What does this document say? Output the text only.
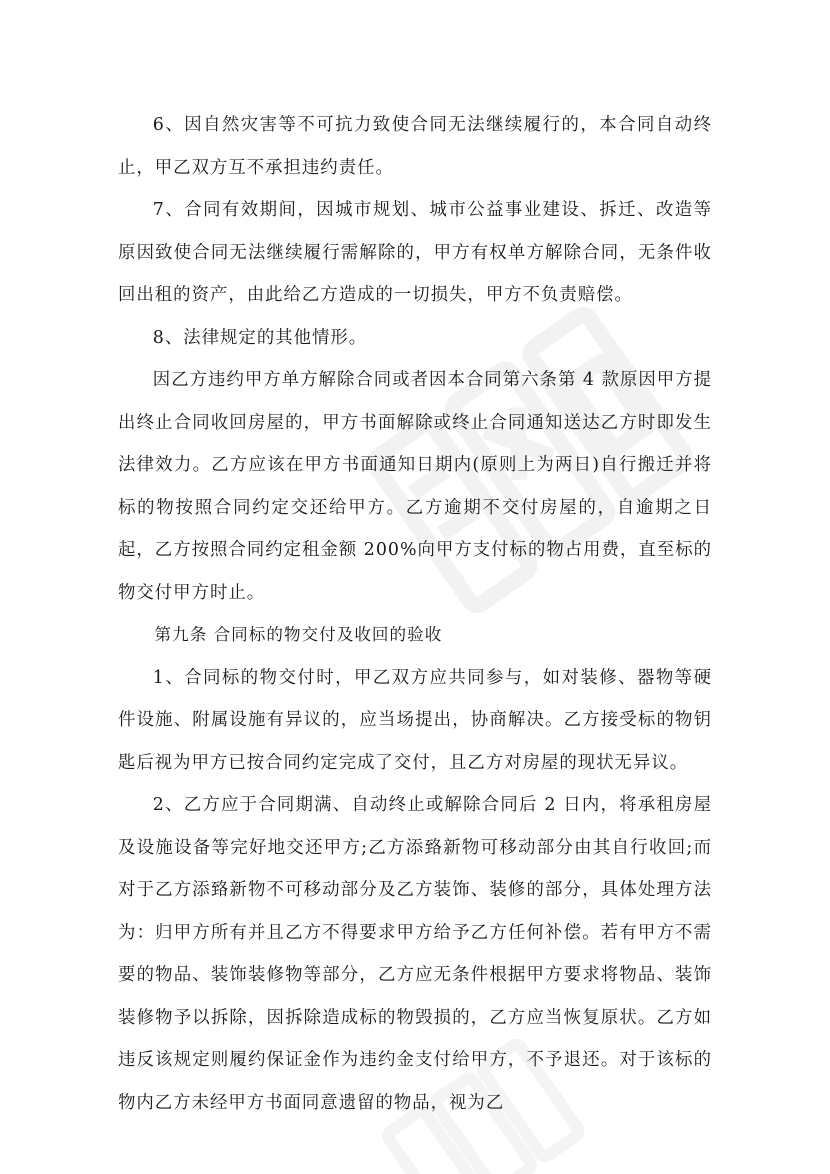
6、因自然灾害等不可抗力致使合同无法继续履行的，本合同自动终止，甲乙双方互不承担违约责任。

7、合同有效期间，因城市规划、城市公益事业建设、拆迁、改造等原因致使合同无法继续履行需解除的，甲方有权单方解除合同，无条件收回出租的资产，由此给乙方造成的一切损失，甲方不负责赔偿。

8、法律规定的其他情形。

因乙方违约甲方单方解除合同或者因本合同第六条第 4 款原因甲方提出终止合同收回房屋的，甲方书面解除或终止合同通知送达乙方时即发生法律效力。乙方应该在甲方书面通知日期内(原则上为两日)自行搬迁并将标的物按照合同约定交还给甲方。乙方逾期不交付房屋的，自逾期之日起，乙方按照合同约定租金额 200%向甲方支付标的物占用费，直至标的物交付甲方时止。

第九条 合同标的物交付及收回的验收

1、合同标的物交付时，甲乙双方应共同参与，如对装修、器物等硬件设施、附属设施有异议的，应当场提出，协商解决。乙方接受标的物钥匙后视为甲方已按合同约定完成了交付，且乙方对房屋的现状无异议。

2、乙方应于合同期满、自动终止或解除合同后 2 日内，将承租房屋及设施设备等完好地交还甲方;乙方添臵新物可移动部分由其自行收回;而对于乙方添臵新物不可移动部分及乙方装饰、装修的部分，具体处理方法为：归甲方所有并且乙方不得要求甲方给予乙方任何补偿。若有甲方不需要的物品、装饰装修物等部分，乙方应无条件根据甲方要求将物品、装饰装修物予以拆除，因拆除造成标的物毁损的，乙方应当恢复原状。乙方如违反该规定则履约保证金作为违约金支付给甲方，不予退还。对于该标的物内乙方未经甲方书面同意遗留的物品，视为乙
